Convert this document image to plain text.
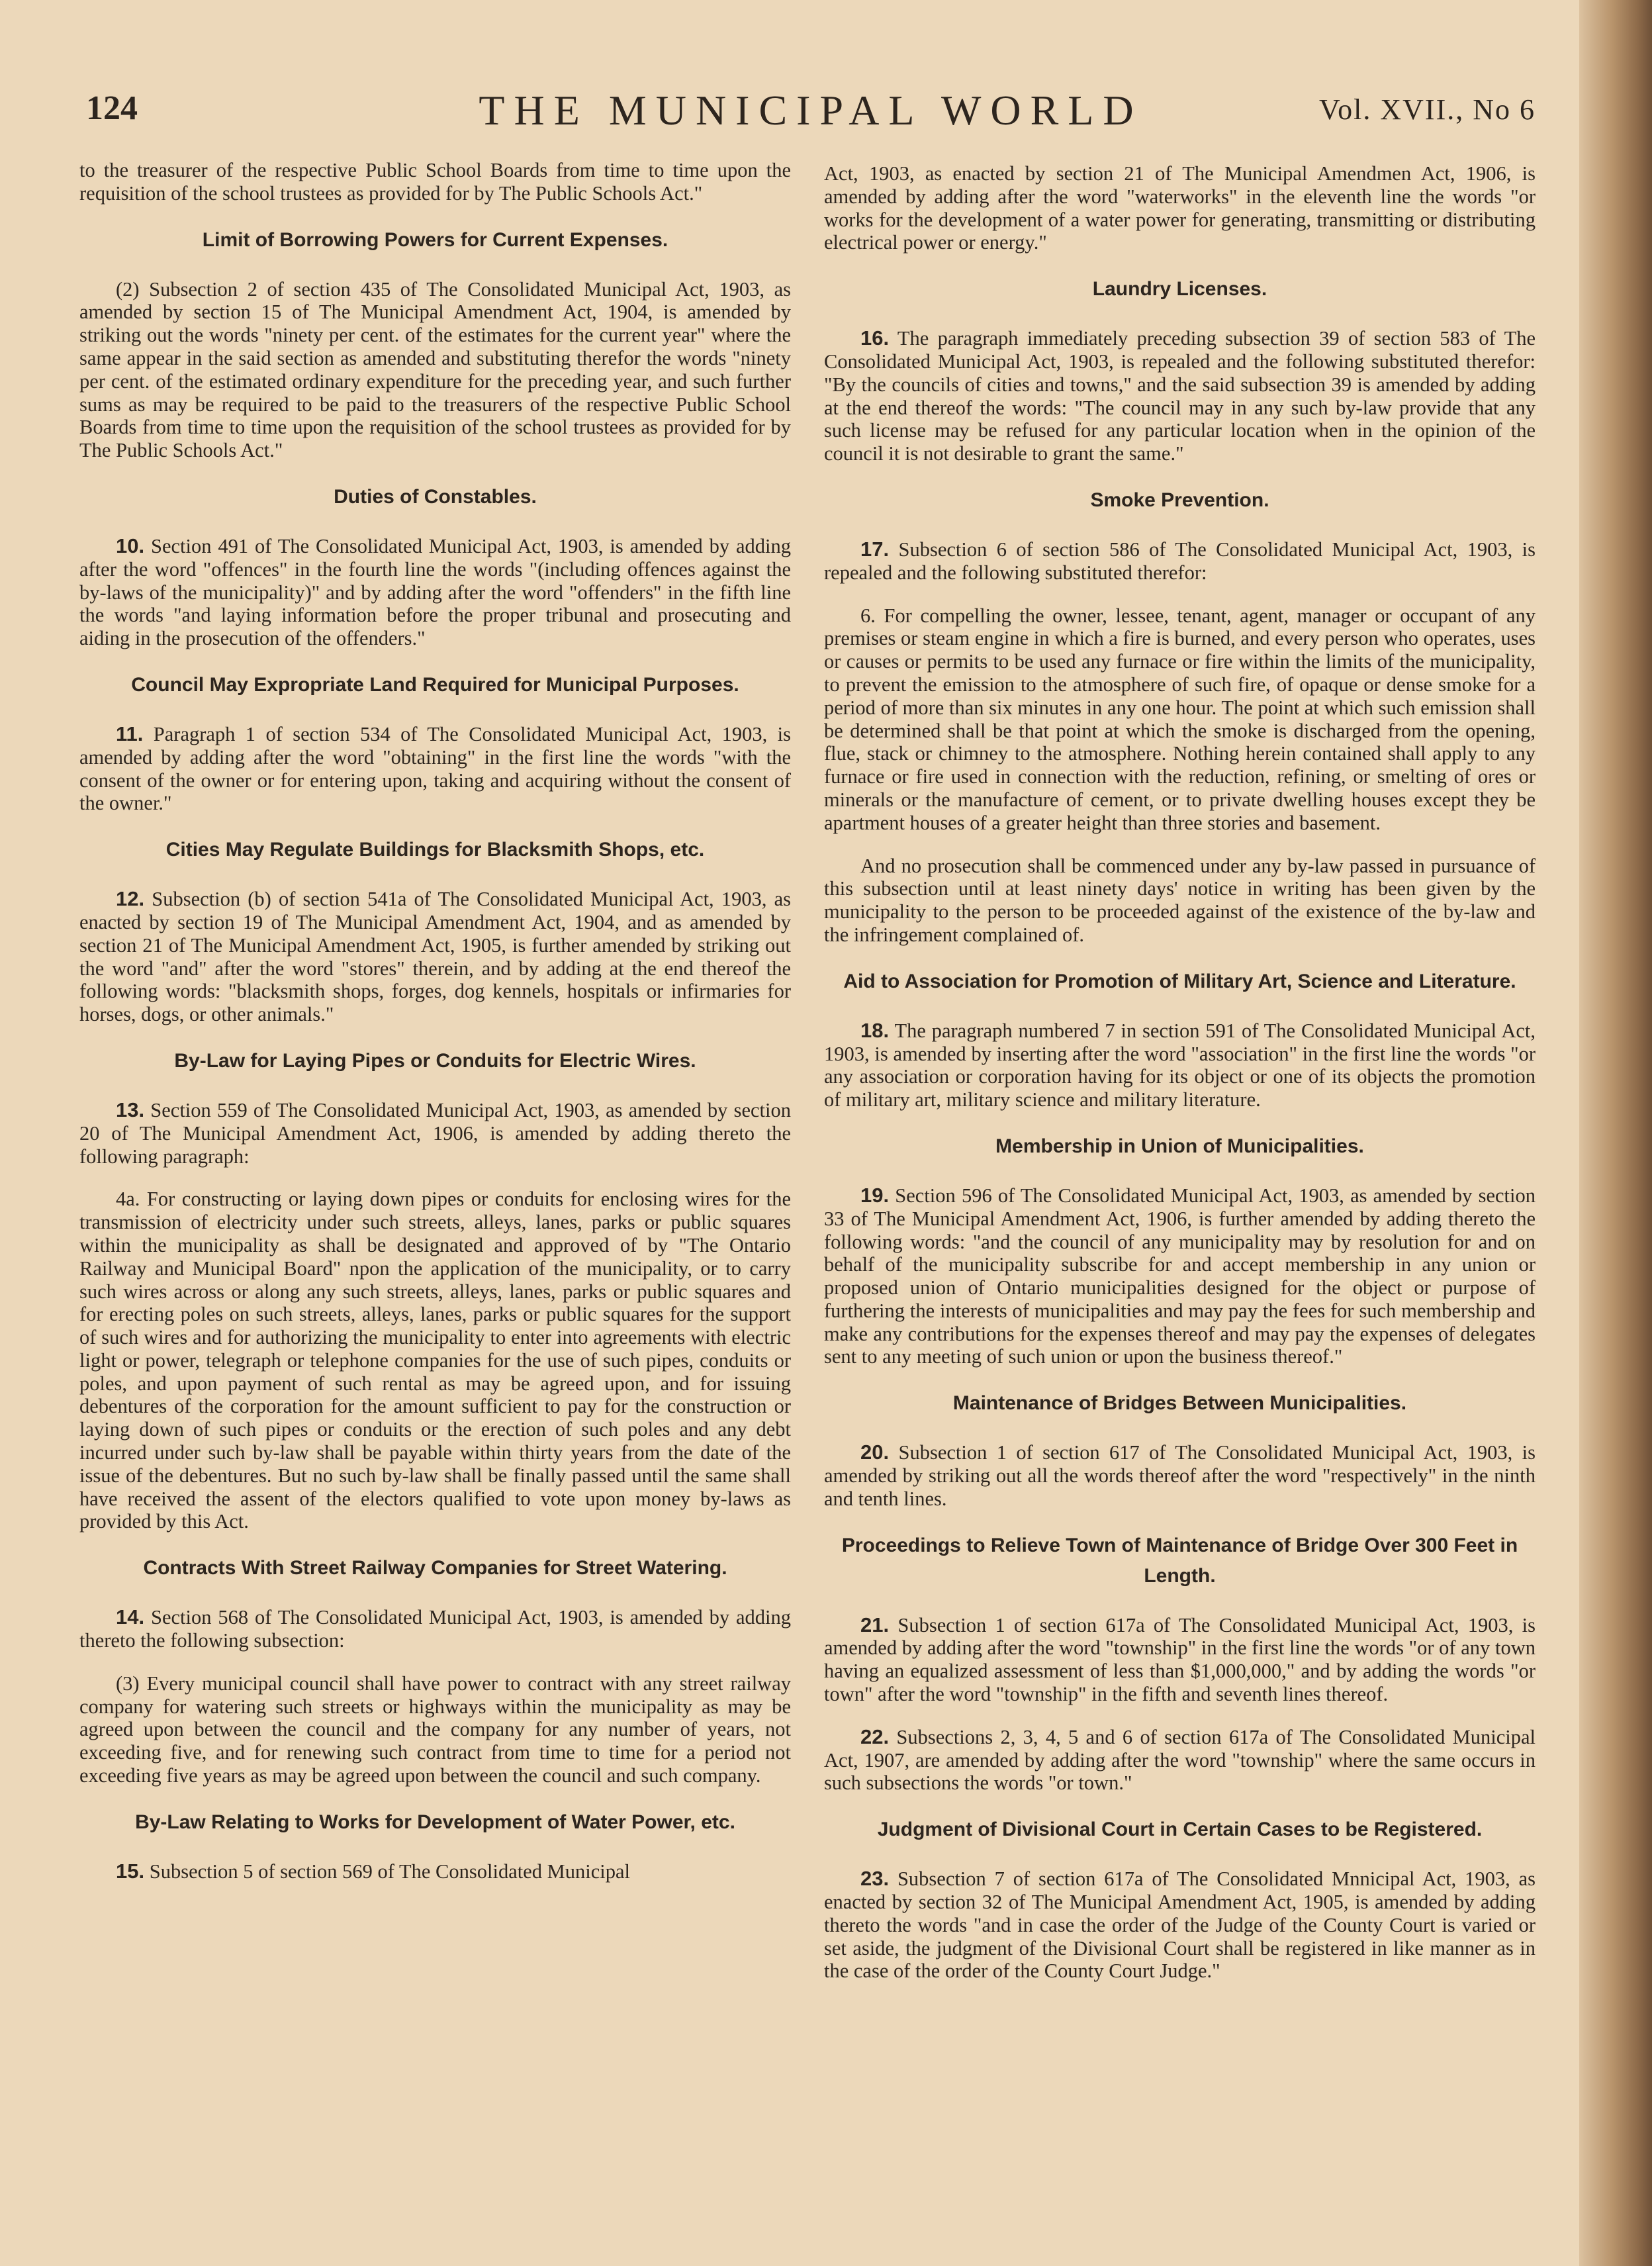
124	THE MUNICIPAL WORLD	Vol. XVII., No 6

to the treasurer of the respective Public School Boards from time to time upon the requisition of the school trustees as provided for by The Public Schools Act."

Limit of Borrowing Powers for Current Expenses.

(2) Subsection 2 of section 435 of The Consolidated Municipal Act, 1903, as amended by section 15 of The Municipal Amendment Act, 1904, is amended by striking out the words "ninety per cent. of the estimates for the current year" where the same appear in the said section as amended and substituting therefor the words "ninety per cent. of the estimated ordinary expenditure for the preceding year, and such further sums as may be required to be paid to the treasurers of the respective Public School Boards from time to time upon the requisition of the school trustees as provided for by The Public Schools Act."

Duties of Constables.

10. Section 491 of The Consolidated Municipal Act, 1903, is amended by adding after the word "offences" in the fourth line the words "(including offences against the by-laws of the municipality)" and by adding after the word "offenders" in the fifth line the words "and laying information before the proper tribunal and prosecuting and aiding in the prosecution of the offenders."

Council May Expropriate Land Required for Municipal Purposes.

11. Paragraph 1 of section 534 of The Consolidated Municipal Act, 1903, is amended by adding after the word "obtaining" in the first line the words "with the consent of the owner or for entering upon, taking and acquiring without the consent of the owner."

Cities May Regulate Buildings for Blacksmith Shops, etc.

12. Subsection (b) of section 541a of The Consolidated Municipal Act, 1903, as enacted by section 19 of The Municipal Amendment Act, 1904, and as amended by section 21 of The Municipal Amendment Act, 1905, is further amended by striking out the word "and" after the word "stores" therein, and by adding at the end thereof the following words: "blacksmith shops, forges, dog kennels, hospitals or infirmaries for horses, dogs, or other animals."

By-Law for Laying Pipes or Conduits for Electric Wires.

13. Section 559 of The Consolidated Municipal Act, 1903, as amended by section 20 of The Municipal Amendment Act, 1906, is amended by adding thereto the following paragraph:

4a. For constructing or laying down pipes or conduits for enclosing wires for the transmission of electricity under such streets, alleys, lanes, parks or public squares within the municipality as shall be designated and approved of by "The Ontario Railway and Municipal Board" npon the application of the municipality, or to carry such wires across or along any such streets, alleys, lanes, parks or public squares and for erecting poles on such streets, alleys, lanes, parks or public squares for the support of such wires and for authorizing the municipality to enter into agreements with electric light or power, telegraph or telephone companies for the use of such pipes, conduits or poles, and upon payment of such rental as may be agreed upon, and for issuing debentures of the corporation for the amount sufficient to pay for the construction or laying down of such pipes or conduits or the erection of such poles and any debt incurred under such by-law shall be payable within thirty years from the date of the issue of the debentures. But no such by-law shall be finally passed until the same shall have received the assent of the electors qualified to vote upon money by-laws as provided by this Act.

Contracts With Street Railway Companies for Street Watering.

14. Section 568 of The Consolidated Municipal Act, 1903, is amended by adding thereto the following subsection:

(3) Every municipal council shall have power to contract with any street railway company for watering such streets or highways within the municipality as may be agreed upon between the council and the company for any number of years, not exceeding five, and for renewing such contract from time to time for a period not exceeding five years as may be agreed upon between the council and such company.

By-Law Relating to Works for Development of Water Power, etc.

15. Subsection 5 of section 569 of The Consolidated Municipal

Act, 1903, as enacted by section 21 of The Municipal Amendmen Act, 1906, is amended by adding after the word "waterworks" in the eleventh line the words "or works for the development of a water power for generating, transmitting or distributing electrical power or energy."

Laundry Licenses.

16. The paragraph immediately preceding subsection 39 of section 583 of The Consolidated Municipal Act, 1903, is repealed and the following substituted therefor: "By the councils of cities and towns," and the said subsection 39 is amended by adding at the end thereof the words: "The council may in any such by-law provide that any such license may be refused for any particular location when in the opinion of the council it is not desirable to grant the same."

Smoke Prevention.

17. Subsection 6 of section 586 of The Consolidated Municipal Act, 1903, is repealed and the following substituted therefor:

6. For compelling the owner, lessee, tenant, agent, manager or occupant of any premises or steam engine in which a fire is burned, and every person who operates, uses or causes or permits to be used any furnace or fire within the limits of the municipality, to prevent the emission to the atmosphere of such fire, of opaque or dense smoke for a period of more than six minutes in any one hour. The point at which such emission shall be determined shall be that point at which the smoke is discharged from the opening, flue, stack or chimney to the atmosphere. Nothing herein contained shall apply to any furnace or fire used in connection with the reduction, refining, or smelting of ores or minerals or the manufacture of cement, or to private dwelling houses except they be apartment houses of a greater height than three stories and basement.

And no prosecution shall be commenced under any by-law passed in pursuance of this subsection until at least ninety days' notice in writing has been given by the municipality to the person to be proceeded against of the existence of the by-law and the infringement complained of.

Aid to Association for Promotion of Military Art, Science and Literature.

18. The paragraph numbered 7 in section 591 of The Consolidated Municipal Act, 1903, is amended by inserting after the word "association" in the first line the words "or any association or corporation having for its object or one of its objects the promotion of military art, military science and military literature.

Membership in Union of Municipalities.

19. Section 596 of The Consolidated Municipal Act, 1903, as amended by section 33 of The Municipal Amendment Act, 1906, is further amended by adding thereto the following words: "and the council of any municipality may by resolution for and on behalf of the municipality subscribe for and accept membership in any union or proposed union of Ontario municipalities designed for the object or purpose of furthering the interests of municipalities and may pay the fees for such membership and make any contributions for the expenses thereof and may pay the expenses of delegates sent to any meeting of such union or upon the business thereof."

Maintenance of Bridges Between Municipalities.

20. Subsection 1 of section 617 of The Consolidated Municipal Act, 1903, is amended by striking out all the words thereof after the word "respectively" in the ninth and tenth lines.

Proceedings to Relieve Town of Maintenance of Bridge Over 300 Feet in Length.

21. Subsection 1 of section 617a of The Consolidated Municipal Act, 1903, is amended by adding after the word "township" in the first line the words "or of any town having an equalized assessment of less than $1,000,000," and by adding the words "or town" after the word "township" in the fifth and seventh lines thereof.

22. Subsections 2, 3, 4, 5 and 6 of section 617a of The Consolidated Municipal Act, 1907, are amended by adding after the word "township" where the same occurs in such subsections the words "or town."

Judgment of Divisional Court in Certain Cases to be Registered.

23. Subsection 7 of section 617a of The Consolidated Mnnicipal Act, 1903, as enacted by section 32 of The Municipal Amendment Act, 1905, is amended by adding thereto the words "and in case the order of the Judge of the County Court is varied or set aside, the judgment of the Divisional Court shall be registered in like manner as in the case of the order of the County Court Judge."
